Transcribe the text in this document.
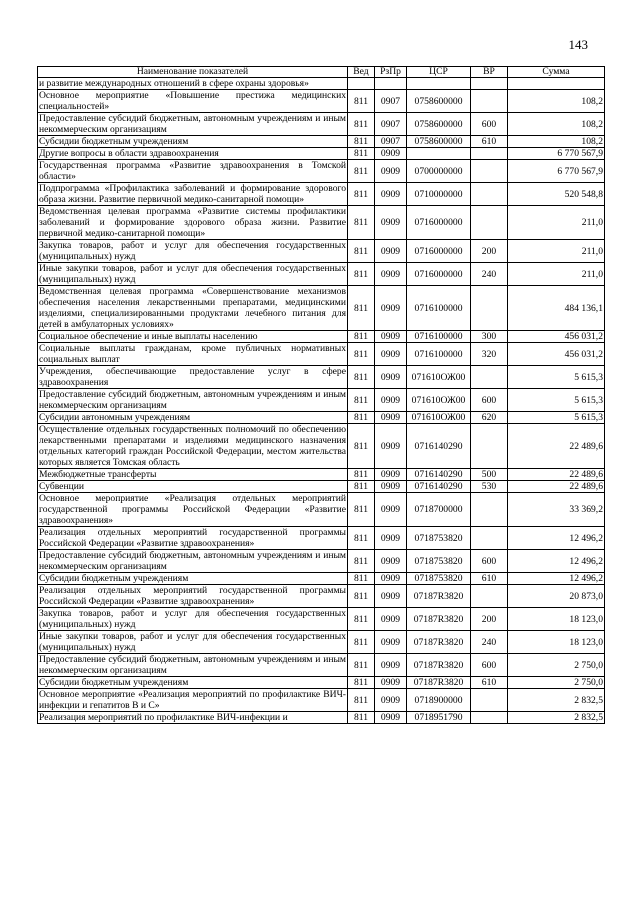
143
Наименование показателей	Вед	РзПр	ЦСР	ВР	Сумма
и развитие международных отношений в сфере охраны здоровья»					
Основное мероприятие «Повышение престижа медицинских специальностей»	811	0907	0758600000		108,2
Предоставление субсидий бюджетным, автономным учреждениям и иным некоммерческим организациям	811	0907	0758600000	600	108,2
Субсидии бюджетным учреждениям	811	0907	0758600000	610	108,2
Другие вопросы в области здравоохранения	811	0909			6 770 567,9
Государственная программа «Развитие здравоохранения в Томской области»	811	0909	0700000000		6 770 567,9
Подпрограмма «Профилактика заболеваний и формирование здорового образа жизни. Развитие первичной медико-санитарной помощи»	811	0909	0710000000		520 548,8
Ведомственная целевая программа «Развитие системы профилактики заболеваний и формирование здорового образа жизни. Развитие первичной медико-санитарной помощи»	811	0909	0716000000		211,0
Закупка товаров, работ и услуг для обеспечения государственных (муниципальных) нужд	811	0909	0716000000	200	211,0
Иные закупки товаров, работ и услуг для обеспечения государственных (муниципальных) нужд	811	0909	0716000000	240	211,0
Ведомственная целевая программа «Совершенствование механизмов обеспечения населения лекарственными препаратами, медицинскими изделиями, специализированными продуктами лечебного питания для детей в амбулаторных условиях»	811	0909	0716100000		484 136,1
Социальное обеспечение и иные выплаты населению	811	0909	0716100000	300	456 031,2
Социальные выплаты гражданам, кроме публичных нормативных социальных выплат	811	0909	0716100000	320	456 031,2
Учреждения, обеспечивающие предоставление услуг в сфере здравоохранения	811	0909	071610ОЖ00		5 615,3
Предоставление субсидий бюджетным, автономным учреждениям и иным некоммерческим организациям	811	0909	071610ОЖ00	600	5 615,3
Субсидии автономным учреждениям	811	0909	071610ОЖ00	620	5 615,3
Осуществление отдельных государственных полномочий по обеспечению лекарственными препаратами и изделиями медицинского назначения отдельных категорий граждан Российской Федерации, местом жительства которых является Томская область	811	0909	0716140290		22 489,6
Межбюджетные трансферты	811	0909	0716140290	500	22 489,6
Субвенции	811	0909	0716140290	530	22 489,6
Основное мероприятие «Реализация отдельных мероприятий государственной программы Российской Федерации «Развитие здравоохранения»	811	0909	0718700000		33 369,2
Реализация отдельных мероприятий государственной программы Российской Федерации «Развитие здравоохранения»	811	0909	0718753820		12 496,2
Предоставление субсидий бюджетным, автономным учреждениям и иным некоммерческим организациям	811	0909	0718753820	600	12 496,2
Субсидии бюджетным учреждениям	811	0909	0718753820	610	12 496,2
Реализация отдельных мероприятий государственной программы Российской Федерации «Развитие здравоохранения»	811	0909	07187R3820		20 873,0
Закупка товаров, работ и услуг для обеспечения государственных (муниципальных) нужд	811	0909	07187R3820	200	18 123,0
Иные закупки товаров, работ и услуг для обеспечения государственных (муниципальных) нужд	811	0909	07187R3820	240	18 123,0
Предоставление субсидий бюджетным, автономным учреждениям и иным некоммерческим организациям	811	0909	07187R3820	600	2 750,0
Субсидии бюджетным учреждениям	811	0909	07187R3820	610	2 750,0
Основное мероприятие «Реализация мероприятий по профилактике ВИЧ-инфекции и гепатитов В и С»	811	0909	0718900000		2 832,5
Реализация мероприятий по профилактике ВИЧ-инфекции и	811	0909	0718951790		2 832,5
